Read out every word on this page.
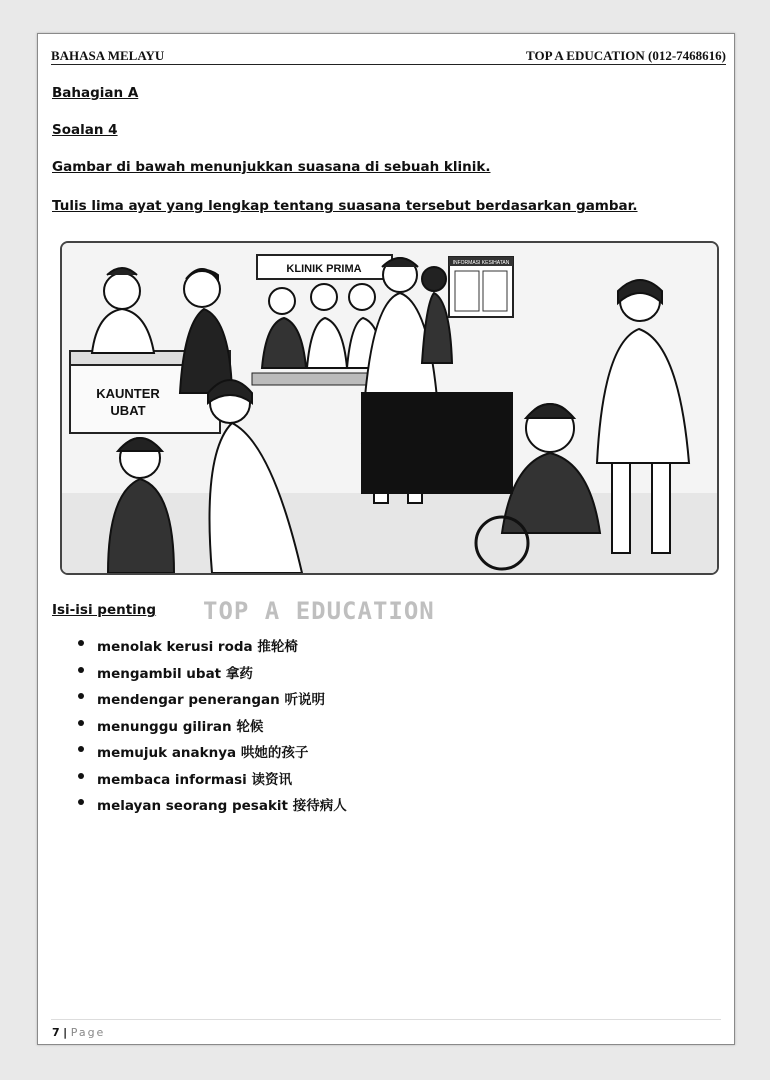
BAHASA MELAYU	TOP A EDUCATION (012-7468616)
Bahagian A
Soalan 4
Gambar di bawah menunjukkan suasana di sebuah klinik.
Tulis lima ayat yang lengkap tentang suasana tersebut berdasarkan gambar.
KLINIK PRIMA	INFORMASI KESIHATAN
KAUNTER
UBAT
TOP A EDUCATION
Isi-isi penting
menolak kerusi roda 推轮椅
mengambil ubat 拿药
mendengar penerangan 听说明
menunggu giliran 轮候
memujuk anaknya 哄她的孩子
membaca informasi 读资讯
melayan seorang pesakit 接待病人
7 | Page
